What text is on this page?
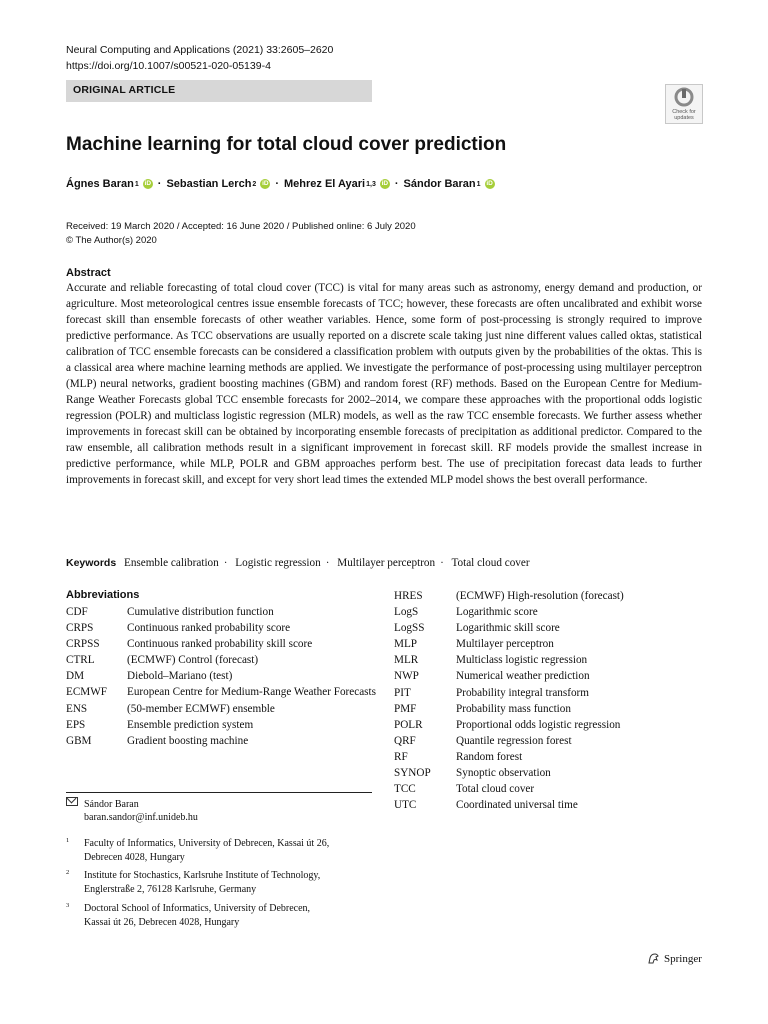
Neural Computing and Applications (2021) 33:2605–2620
https://doi.org/10.1007/s00521-020-05139-4
ORIGINAL ARTICLE
Check for
updates
Machine learning for total cloud cover prediction
Ágnes Baran 1 iD · Sebastian Lerch 2 iD · Mehrez El Ayari 1,3 iD · Sándor Baran 1 iD
Received: 19 March 2020 / Accepted: 16 June 2020 / Published online: 6 July 2020
© The Author(s) 2020
Abstract
Accurate and reliable forecasting of total cloud cover (TCC) is vital for many areas such as astronomy, energy demand and production, or agriculture. Most meteorological centres issue ensemble forecasts of TCC; however, these forecasts are often uncalibrated and exhibit worse forecast skill than ensemble forecasts of other weather variables. Hence, some form of post-processing is strongly required to improve predictive performance. As TCC observations are usually reported on a discrete scale taking just nine different values called oktas, statistical calibration of TCC ensemble forecasts can be considered a classification problem with outputs given by the probabilities of the oktas. This is a classical area where machine learning methods are applied. We investigate the performance of post-processing using multilayer perceptron (MLP) neural networks, gradient boosting machines (GBM) and random forest (RF) methods. Based on the European Centre for Medium-Range Weather Forecasts global TCC ensemble forecasts for 2002–2014, we compare these approaches with the proportional odds logistic regression (POLR) and multiclass logistic regression (MLR) models, as well as the raw TCC ensemble forecasts. We further assess whether improvements in forecast skill can be obtained by incorporating ensemble forecasts of precipitation as additional predictor. Compared to the raw ensemble, all calibration methods result in a significant improvement in forecast skill. RF models provide the smallest increase in predictive performance, while MLP, POLR and GBM approaches perform best. The use of precipitation forecast data leads to further improvements in forecast skill, and except for very short lead times the extended MLP model shows the best overall performance.
Keywords Ensemble calibration · Logistic regression · Multilayer perceptron · Total cloud cover
Abbreviations
CDF	Cumulative distribution function
CRPS	Continuous ranked probability score
CRPSS	Continuous ranked probability skill score
CTRL	(ECMWF) Control (forecast)
DM	Diebold–Mariano (test)
ECMWF	European Centre for Medium-Range Weather Forecasts
ENS	(50-member ECMWF) ensemble
EPS	Ensemble prediction system
GBM	Gradient boosting machine
HRES	(ECMWF) High-resolution (forecast)
LogS	Logarithmic score
LogSS	Logarithmic skill score
MLP	Multilayer perceptron
MLR	Multiclass logistic regression
NWP	Numerical weather prediction
PIT	Probability integral transform
PMF	Probability mass function
POLR	Proportional odds logistic regression
QRF	Quantile regression forest
RF	Random forest
SYNOP	Synoptic observation
TCC	Total cloud cover
UTC	Coordinated universal time
Sándor Baran
baran.sandor@inf.unideb.hu
1	Faculty of Informatics, University of Debrecen, Kassai út 26,
Debrecen 4028, Hungary
2	Institute for Stochastics, Karlsruhe Institute of Technology,
Englerstraße 2, 76128 Karlsruhe, Germany
3	Doctoral School of Informatics, University of Debrecen,
Kassai út 26, Debrecen 4028, Hungary
Springer
